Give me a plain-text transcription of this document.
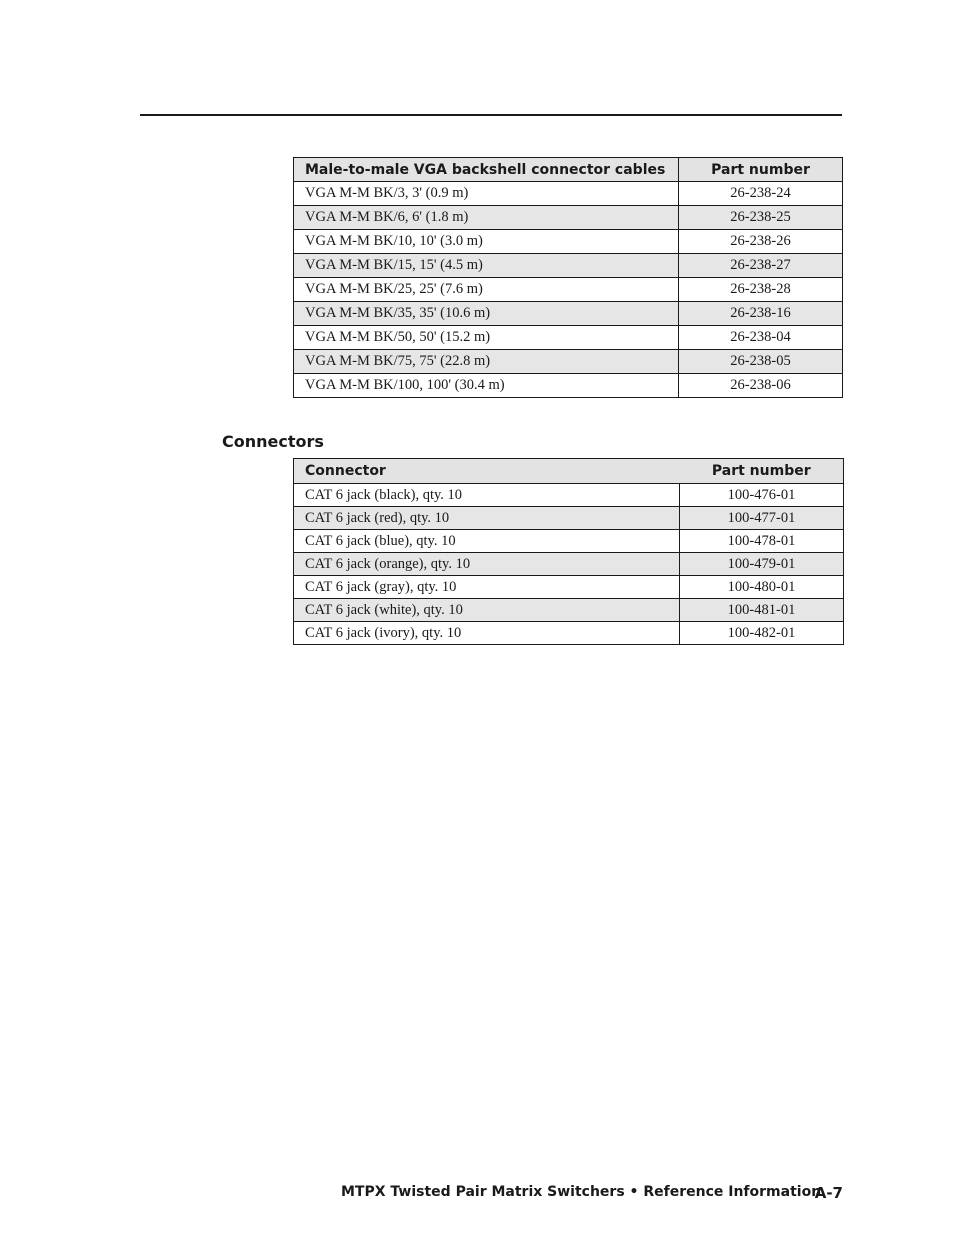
Male-to-male VGA backshell connector cables	Part number
VGA M-M BK/3, 3' (0.9 m)	26-238-24
VGA M-M BK/6, 6' (1.8 m)	26-238-25
VGA M-M BK/10, 10' (3.0 m)	26-238-26
VGA M-M BK/15, 15' (4.5 m)	26-238-27
VGA M-M BK/25, 25' (7.6 m)	26-238-28
VGA M-M BK/35, 35' (10.6 m)	26-238-16
VGA M-M BK/50, 50' (15.2 m)	26-238-04
VGA M-M BK/75, 75' (22.8 m)	26-238-05
VGA M-M BK/100, 100' (30.4 m)	26-238-06
Connectors
Connector	Part number
CAT 6 jack (black), qty. 10	100-476-01
CAT 6 jack (red), qty. 10	100-477-01
CAT 6 jack (blue), qty. 10	100-478-01
CAT 6 jack (orange), qty. 10	100-479-01
CAT 6 jack (gray), qty. 10	100-480-01
CAT 6 jack (white), qty. 10	100-481-01
CAT 6 jack (ivory), qty. 10	100-482-01
MTPX Twisted Pair Matrix Switchers • Reference Information
A-7
